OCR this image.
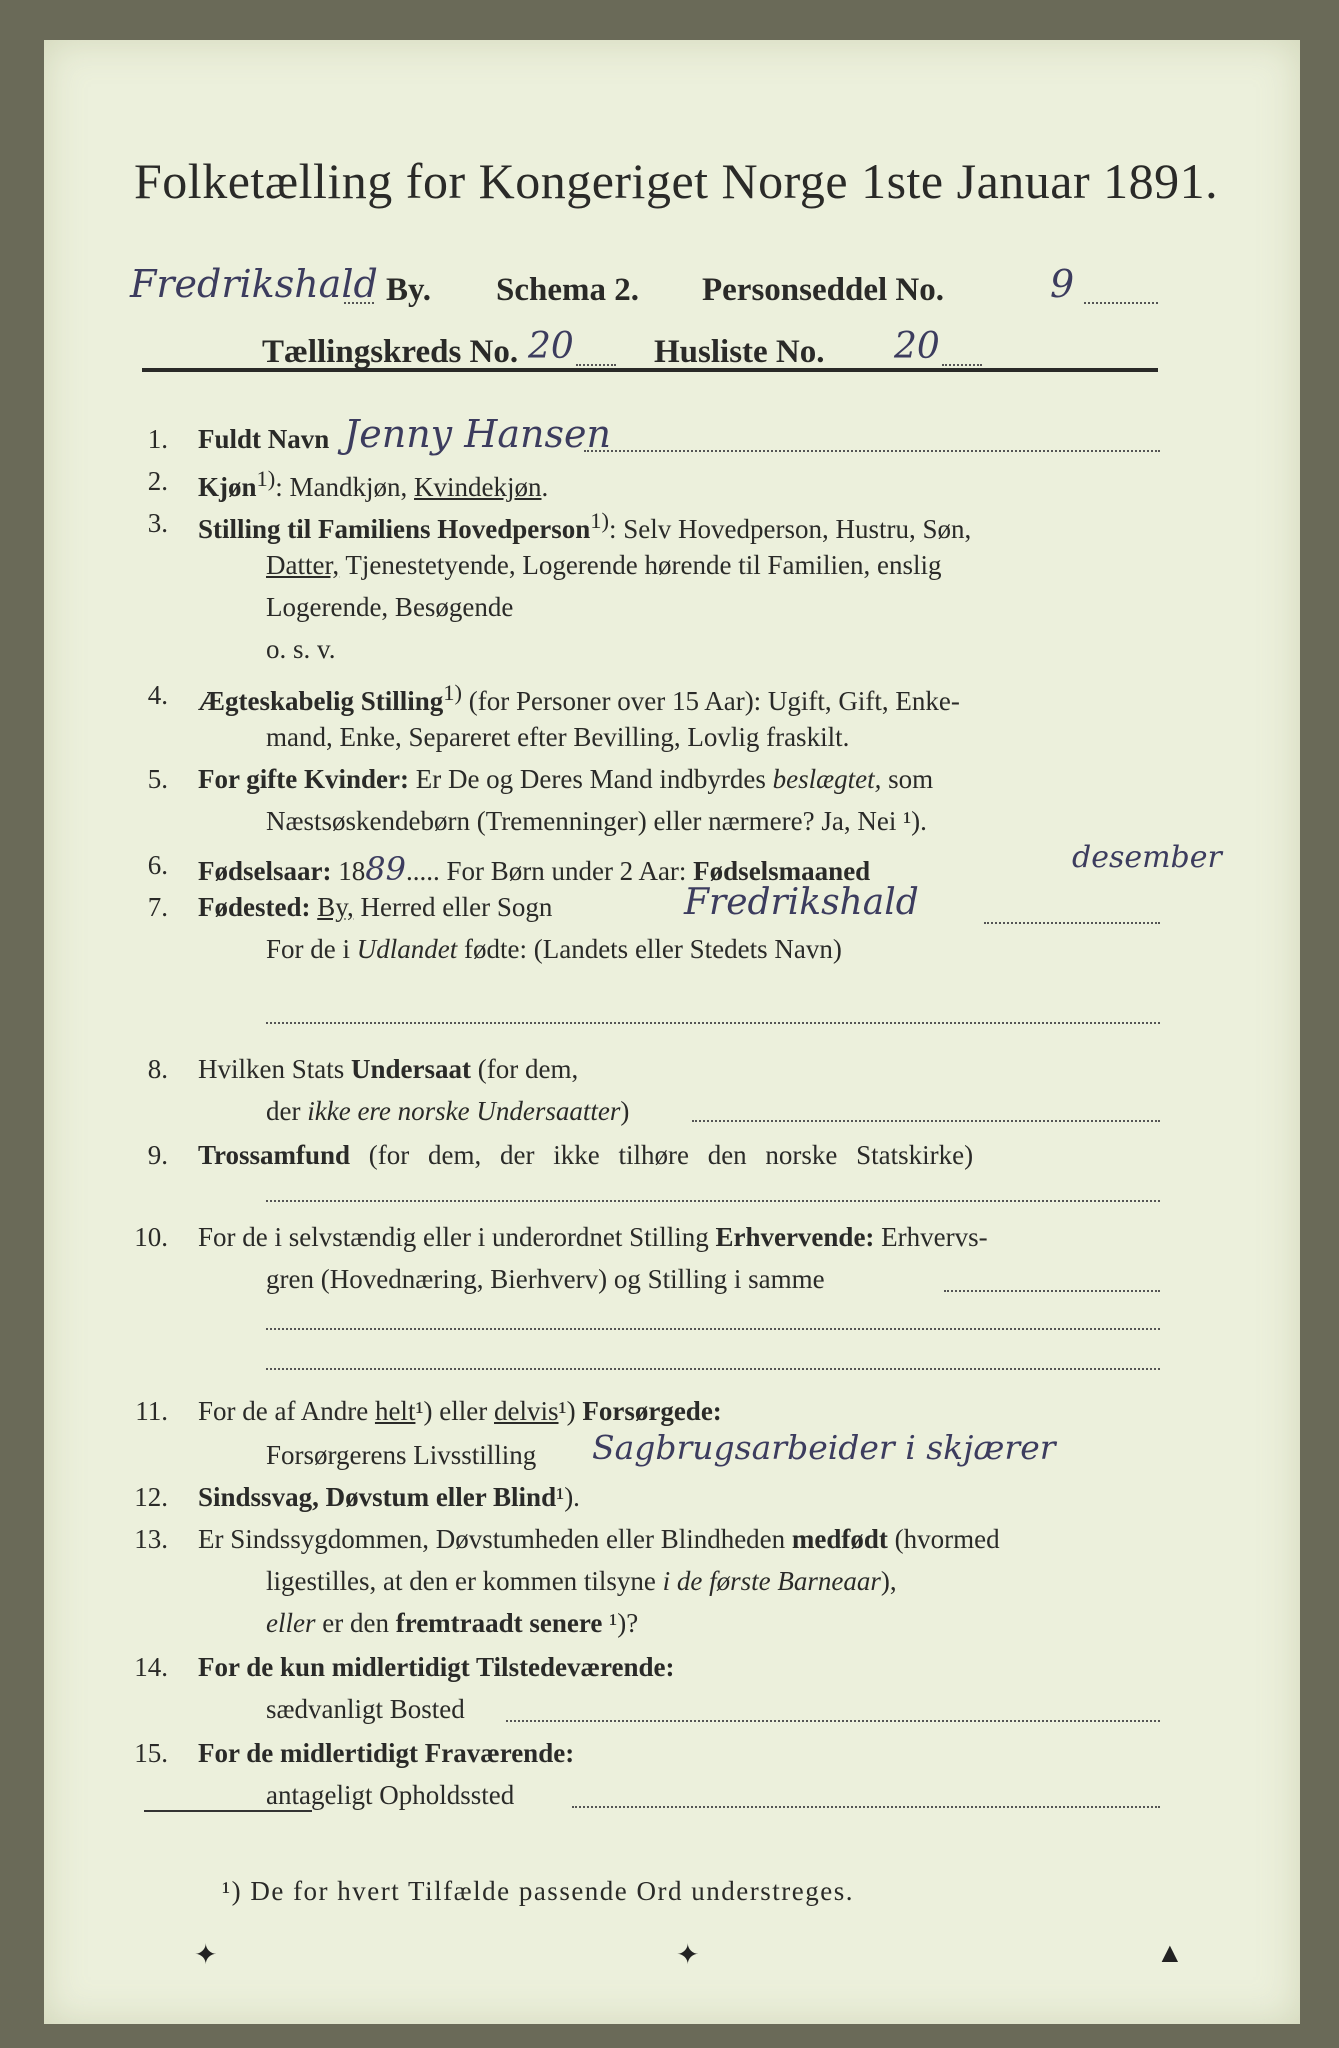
Folketælling for Kongeriget Norge 1ste Januar 1891.
Fredrikshald By. Schema 2. Personseddel No.	9
Tællingskreds No. 20 Husliste No. 20
1. Fuldt Navn Jenny Hansen
2. Kjøn$^{1)}$: Mandkjøn, Kvindekjøn.
3. Stilling til Familiens Hovedperson$^{1)}$: Selv Hovedperson, Hustru, Søn,
Datter, Tjenestetyende, Logerende hørende til Familien, enslig
Logerende, Besøgende
o. s. v.
4. Ægteskabelig Stilling$^{1)}$ (for Personer over 15 Aar): Ugift, Gift, Enke-
mand, Enke, Separeret efter Bevilling, Lovlig fraskilt.
5. For gifte Kvinder: Er De og Deres Mand indbyrdes beslægtet, som
Næstsøskendebørn (Tremenninger) eller nærmere? Ja, Nei ¹).
6. Fødselsaar: 1889..... For Børn under 2 Aar: Fødselsmaaned	desember
7. Fødested: By, Herred eller Sogn	Fredrikshald
For de i Udlandet fødte: (Landets eller Stedets Navn)
8. Hvilken Stats Undersaat (for dem,
der ikke ere norske Undersaatter)
9. Trossamfund (for dem, der ikke tilhøre den norske Statskirke)
10. For de i selvstændig eller i underordnet Stilling Erhvervende: Erhvervs-
gren (Hovednæring, Bierhverv) og Stilling i samme
11. For de af Andre helt¹) eller delvis¹) Forsørgede:
Forsørgerens Livsstilling Sagbrugsarbeider i skjærer
12. Sindssvag, Døvstum eller Blind¹).
13. Er Sindssygdommen, Døvstumheden eller Blindheden medfødt (hvormed
ligestilles, at den er kommen tilsyne i de første Barneaar),
eller er den fremtraadt senere ¹)?
14. For de kun midlertidigt Tilstedeværende:
sædvanligt Bosted
15. For de midlertidigt Fraværende:
antageligt Opholdssted
¹) De for hvert Tilfælde passende Ord understreges.
✦	✦	▲
